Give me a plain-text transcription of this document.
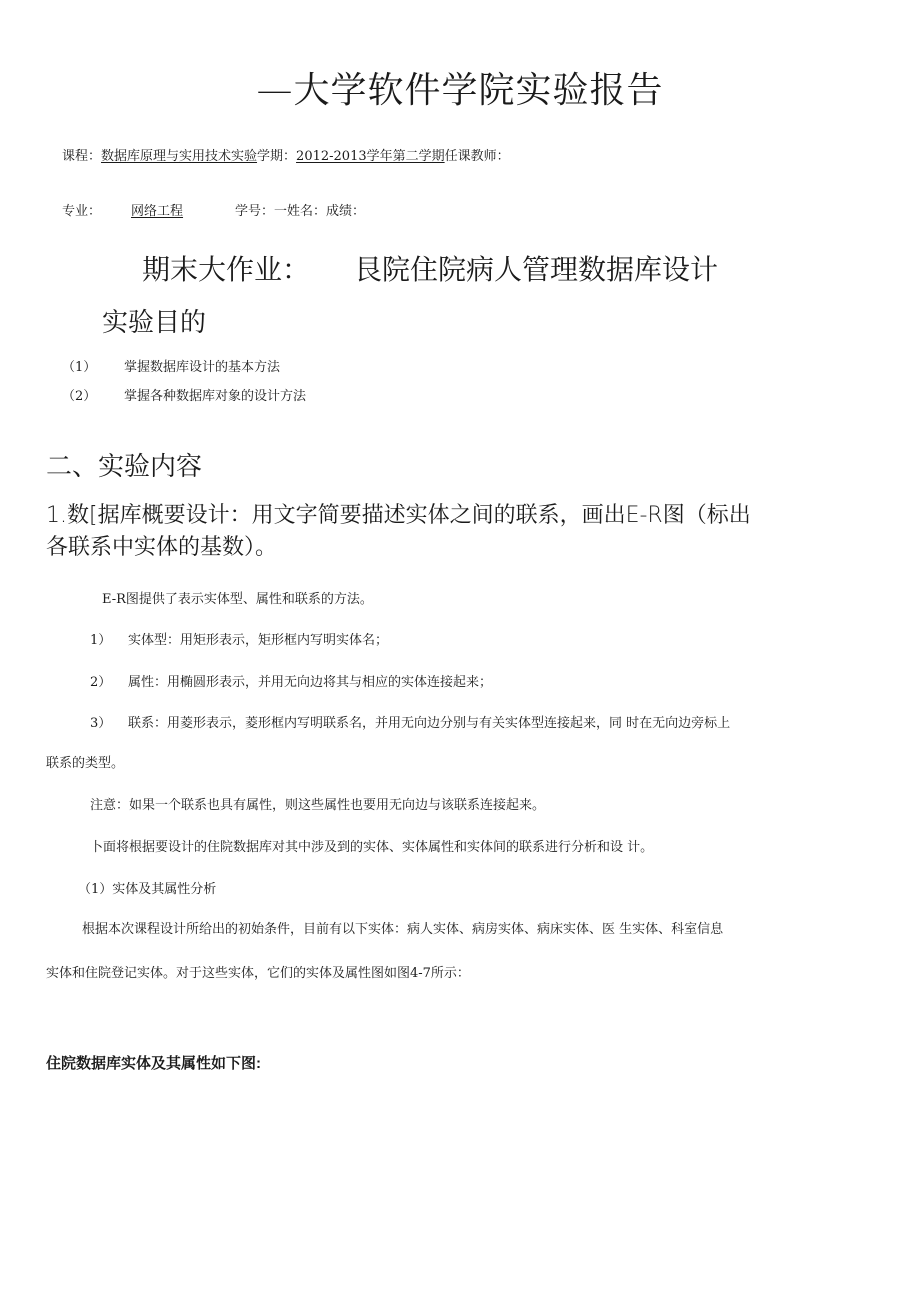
—大学软件学院实验报告
课程：数据库原理与实用技术实验学期：2012-2013学年第二学期任课教师：
专业： 网络工程	学号：一姓名：成绩：
期末大作业： 艮院住院病人管理数据库设计
实验目的
（1） 掌握数据库设计的基本方法
（2） 掌握各种数据库对象的设计方法
二、实验内容
1.数[据库概要设计：用文字简要描述实体之间的联系，画出E-R图（标出
各联系中实体的基数）。
E-R图提供了表示实体型、属性和联系的方法。
1） 实体型：用矩形表示，矩形框内写明实体名；
2） 属性：用椭圆形表示，并用无向边将其与相应的实体连接起来；
3） 联系：用菱形表示，菱形框内写明联系名，并用无向边分别与有关实体型连接起来，同 时在无向边旁标上
联系的类型。
注意：如果一个联系也具有属性，则这些属性也要用无向边与该联系连接起来。
卜面将根据要设计的住院数据库对其中涉及到的实体、实体属性和实体间的联系进行分析和设 计。
（1）实体及其属性分析
根据本次课程设计所给出的初始条件，目前有以下实体：病人实体、病房实体、病床实体、医 生实体、科室信息
实体和住院登记实体。对于这些实体，它们的实体及属性图如图4-7所示：
住院数据库实体及其属性如下图:
